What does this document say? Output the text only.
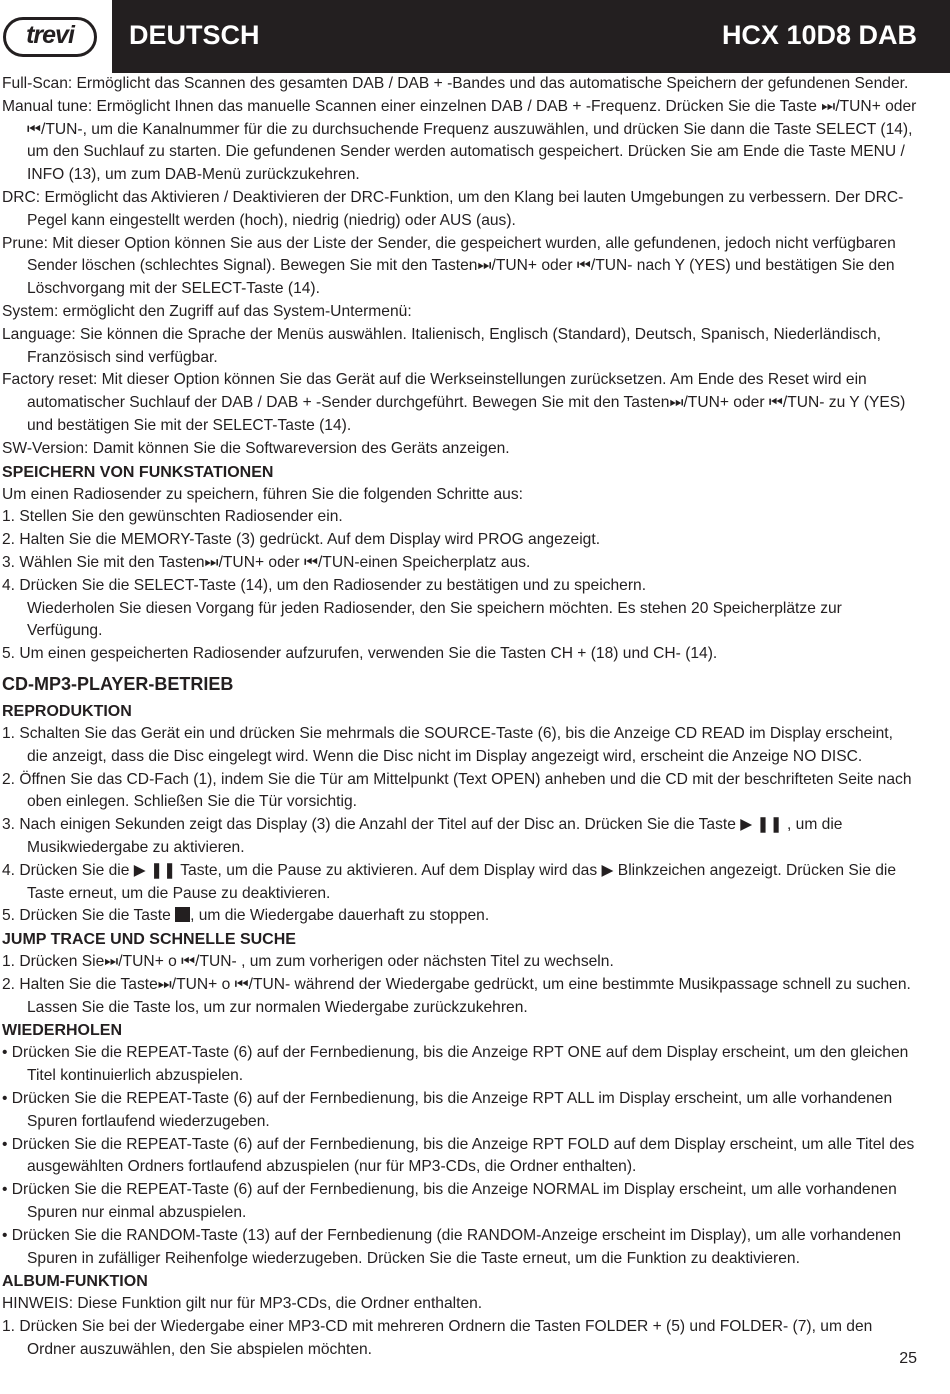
trevi	DEUTSCH	HCX 10D8 DAB

Full-Scan: Ermöglicht das Scannen des gesamten DAB / DAB + -Bandes und das automatische Speichern der gefundenen Sender.

Manual tune: Ermöglicht Ihnen das manuelle Scannen einer einzelnen DAB / DAB + -Frequenz. Drücken Sie die Taste ⏭/TUN+ oder ⏮/TUN-, um die Kanalnummer für die zu durchsuchende Frequenz auszuwählen, und drücken Sie dann die Taste SELECT (14), um den Suchlauf zu starten. Die gefundenen Sender werden automatisch gespeichert. Drücken Sie am Ende die Taste MENU / INFO (13), um zum DAB-Menü zurückzukehren.

DRC: Ermöglicht das Aktivieren / Deaktivieren der DRC-Funktion, um den Klang bei lauten Umgebungen zu verbessern. Der DRC-Pegel kann eingestellt werden (hoch), niedrig (niedrig) oder AUS (aus).

Prune: Mit dieser Option können Sie aus der Liste der Sender, die gespeichert wurden, alle gefundenen, jedoch nicht verfügbaren Sender löschen (schlechtes Signal). Bewegen Sie mit den Tasten⏭/TUN+ oder ⏮/TUN- nach Y (YES) und bestätigen Sie den Löschvorgang mit der SELECT-Taste (14).

System: ermöglicht den Zugriff auf das System-Untermenü:

Language: Sie können die Sprache der Menüs auswählen. Italienisch, Englisch (Standard), Deutsch, Spanisch, Niederländisch, Französisch sind verfügbar.

Factory reset: Mit dieser Option können Sie das Gerät auf die Werkseinstellungen zurücksetzen. Am Ende des Reset wird ein automatischer Suchlauf der DAB / DAB + -Sender durchgeführt. Bewegen Sie mit den Tasten⏭/TUN+ oder ⏮/TUN- zu Y (YES) und bestätigen Sie mit der SELECT-Taste (14).

SW-Version: Damit können Sie die Softwareversion des Geräts anzeigen.

SPEICHERN VON FUNKSTATIONEN

Um einen Radiosender zu speichern, führen Sie die folgenden Schritte aus:

1. Stellen Sie den gewünschten Radiosender ein.

2. Halten Sie die MEMORY-Taste (3) gedrückt. Auf dem Display wird PROG angezeigt.

3. Wählen Sie mit den Tasten⏭/TUN+ oder ⏮/TUN-einen Speicherplatz aus.

4. Drücken Sie die SELECT-Taste (14), um den Radiosender zu bestätigen und zu speichern.

Wiederholen Sie diesen Vorgang für jeden Radiosender, den Sie speichern möchten. Es stehen 20 Speicherplätze zur Verfügung.

5. Um einen gespeicherten Radiosender aufzurufen, verwenden Sie die Tasten CH + (18) und CH- (14).

CD-MP3-PLAYER-BETRIEB
REPRODUKTION

1. Schalten Sie das Gerät ein und drücken Sie mehrmals die SOURCE-Taste (6), bis die Anzeige CD READ im Display erscheint, die anzeigt, dass die Disc eingelegt wird. Wenn die Disc nicht im Display angezeigt wird, erscheint die Anzeige NO DISC.

2. Öffnen Sie das CD-Fach (1), indem Sie die Tür am Mittelpunkt (Text OPEN) anheben und die CD mit der beschrifteten Seite nach oben einlegen. Schließen Sie die Tür vorsichtig.

3. Nach einigen Sekunden zeigt das Display (3) die Anzahl der Titel auf der Disc an. Drücken Sie die Taste ▶ ❚❚ , um die Musikwiedergabe zu aktivieren.

4. Drücken Sie die ▶ ❚❚ Taste, um die Pause zu aktivieren. Auf dem Display wird das ▶ Blinkzeichen angezeigt. Drücken Sie die Taste erneut, um die Pause zu deaktivieren.

5. Drücken Sie die Taste , um die Wiedergabe dauerhaft zu stoppen.

JUMP TRACE UND SCHNELLE SUCHE

1. Drücken Sie⏭/TUN+ o ⏮/TUN- , um zum vorherigen oder nächsten Titel zu wechseln.

2. Halten Sie die Taste⏭/TUN+ o ⏮/TUN- während der Wiedergabe gedrückt, um eine bestimmte Musikpassage schnell zu suchen. Lassen Sie die Taste los, um zur normalen Wiedergabe zurückzukehren.

WIEDERHOLEN

• Drücken Sie die REPEAT-Taste (6) auf der Fernbedienung, bis die Anzeige RPT ONE auf dem Display erscheint, um den gleichen Titel kontinuierlich abzuspielen.

• Drücken Sie die REPEAT-Taste (6) auf der Fernbedienung, bis die Anzeige RPT ALL im Display erscheint, um alle vorhandenen Spuren fortlaufend wiederzugeben.

• Drücken Sie die REPEAT-Taste (6) auf der Fernbedienung, bis die Anzeige RPT FOLD auf dem Display erscheint, um alle Titel des ausgewählten Ordners fortlaufend abzuspielen (nur für MP3-CDs, die Ordner enthalten).

• Drücken Sie die REPEAT-Taste (6) auf der Fernbedienung, bis die Anzeige NORMAL im Display erscheint, um alle vorhandenen Spuren nur einmal abzuspielen.

• Drücken Sie die RANDOM-Taste (13) auf der Fernbedienung (die RANDOM-Anzeige erscheint im Display), um alle vorhandenen Spuren in zufälliger Reihenfolge wiederzugeben. Drücken Sie die Taste erneut, um die Funktion zu deaktivieren.

ALBUM-FUNKTION

HINWEIS: Diese Funktion gilt nur für MP3-CDs, die Ordner enthalten.

1. Drücken Sie bei der Wiedergabe einer MP3-CD mit mehreren Ordnern die Tasten FOLDER + (5) und FOLDER- (7), um den Ordner auszuwählen, den Sie abspielen möchten.

25
